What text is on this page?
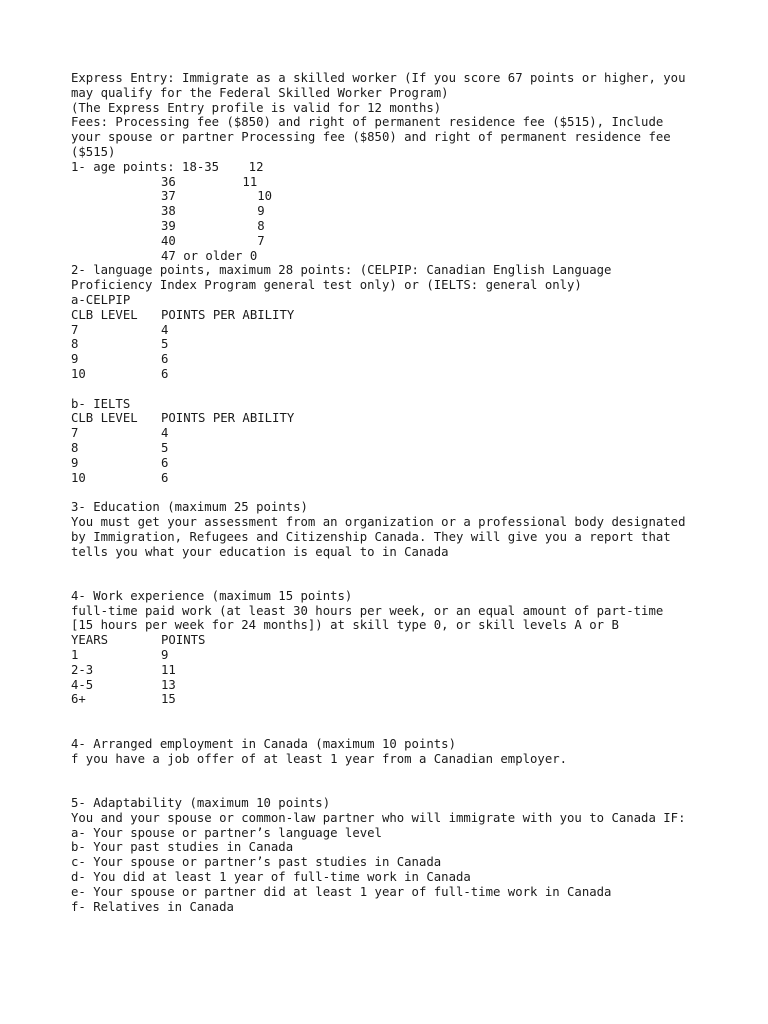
Express Entry: Immigrate as a skilled worker (If you score 67 points or higher, you
may qualify for the Federal Skilled Worker Program)
(The Express Entry profile is valid for 12 months)
Fees: Processing fee ($850) and right of permanent residence fee ($515), Include
your spouse or partner Processing fee ($850) and right of permanent residence fee
($515)
1- age points: 18-35    12
36         11
37           10
38           9
39           8
40           7
47 or older 0
2- language points, maximum 28 points: (CELPIP: Canadian English Language
Proficiency Index Program general test only) or (IELTS: general only)
a-CELPIP
CLB LEVEL	POINTS PER ABILITY
7	4
8	5
9	6
10	6
b- IELTS
CLB LEVEL	POINTS PER ABILITY
7	4
8	5
9	6
10	6
3- Education (maximum 25 points)
You must get your assessment from an organization or a professional body designated
by Immigration, Refugees and Citizenship Canada. They will give you a report that
tells you what your education is equal to in Canada
4- Work experience (maximum 15 points)
full-time paid work (at least 30 hours per week, or an equal amount of part-time
[15 hours per week for 24 months]) at skill type 0, or skill levels A or B
YEARS	POINTS
1	9
2-3	11
4-5	13
6+	15
4- Arranged employment in Canada (maximum 10 points)
f you have a job offer of at least 1 year from a Canadian employer.
5- Adaptability (maximum 10 points)
You and your spouse or common-law partner who will immigrate with you to Canada IF:
a- Your spouse or partner’s language level
b- Your past studies in Canada
c- Your spouse or partner’s past studies in Canada
d- You did at least 1 year of full-time work in Canada
e- Your spouse or partner did at least 1 year of full-time work in Canada
f- Relatives in Canada
